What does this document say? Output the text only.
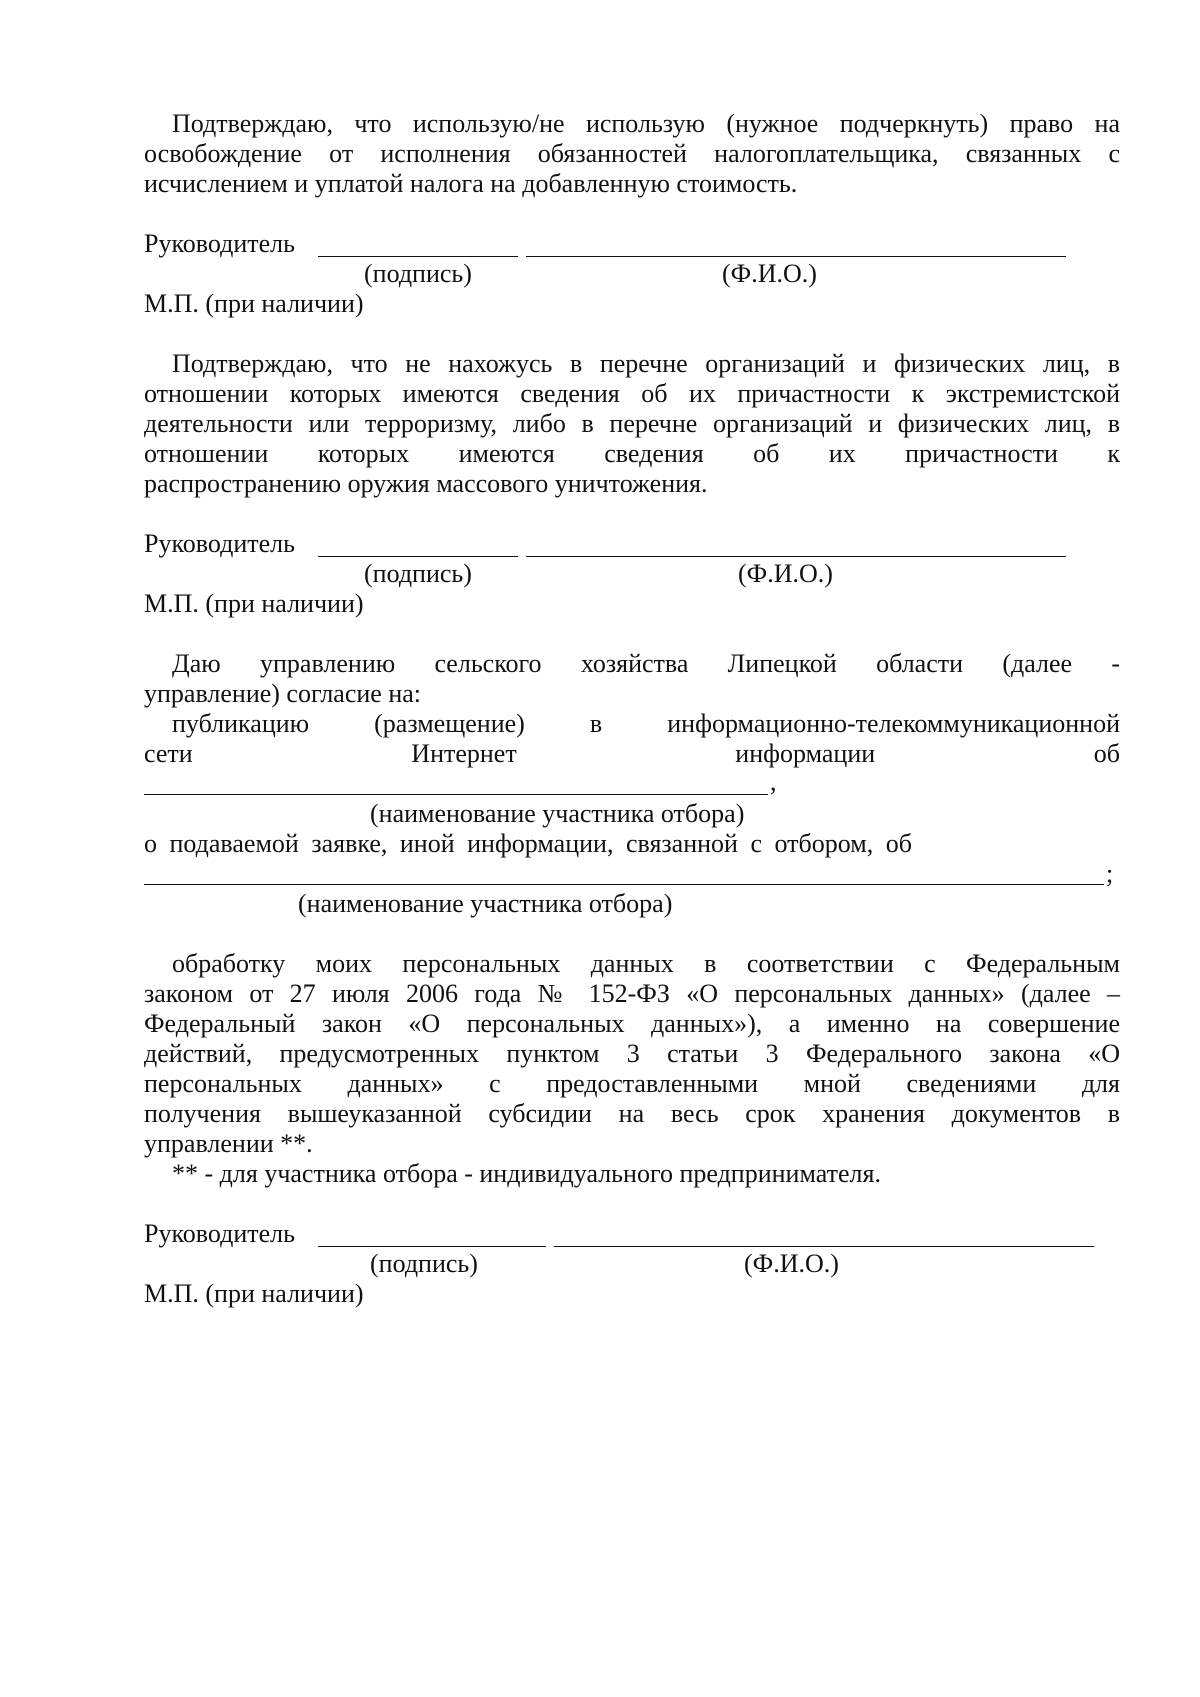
Подтверждаю, что использую/не использую (нужное подчеркнуть) право на
освобождение от исполнения обязанностей налогоплательщика, связанных с
исчислением и уплатой налога на добавленную стоимость.
Руководитель
(подпись)	(Ф.И.О.)
М.П. (при наличии)
Подтверждаю, что не нахожусь в перечне организаций и физических лиц, в
отношении которых имеются сведения об их причастности к экстремистской
деятельности или терроризму, либо в перечне организаций и физических лиц, в
отношении которых имеются сведения об их причастности к
распространению оружия массового уничтожения.
Руководитель
(подпись)	(Ф.И.О.)
М.П. (при наличии)
Даю управлению сельского хозяйства Липецкой области (далее -
управление) согласие на:
публикацию (размещение) в информационно-телекоммуникационной
сети Интернет информации об
,
(наименование участника отбора)
о подаваемой заявке, иной информации, связанной с отбором, об
;
(наименование участника отбора)
обработку моих персональных данных в соответствии с Федеральным
законом от 27 июля 2006 года № 152-ФЗ «О персональных данных» (далее –
Федеральный закон «О персональных данных»), а именно на совершение
действий, предусмотренных пунктом 3 статьи 3 Федерального закона «О
персональных данных» с предоставленными мной сведениями для
получения вышеуказанной субсидии на весь срок хранения документов в
управлении **.
** - для участника отбора - индивидуального предпринимателя.
Руководитель
(подпись)	(Ф.И.О.)
М.П. (при наличии)
